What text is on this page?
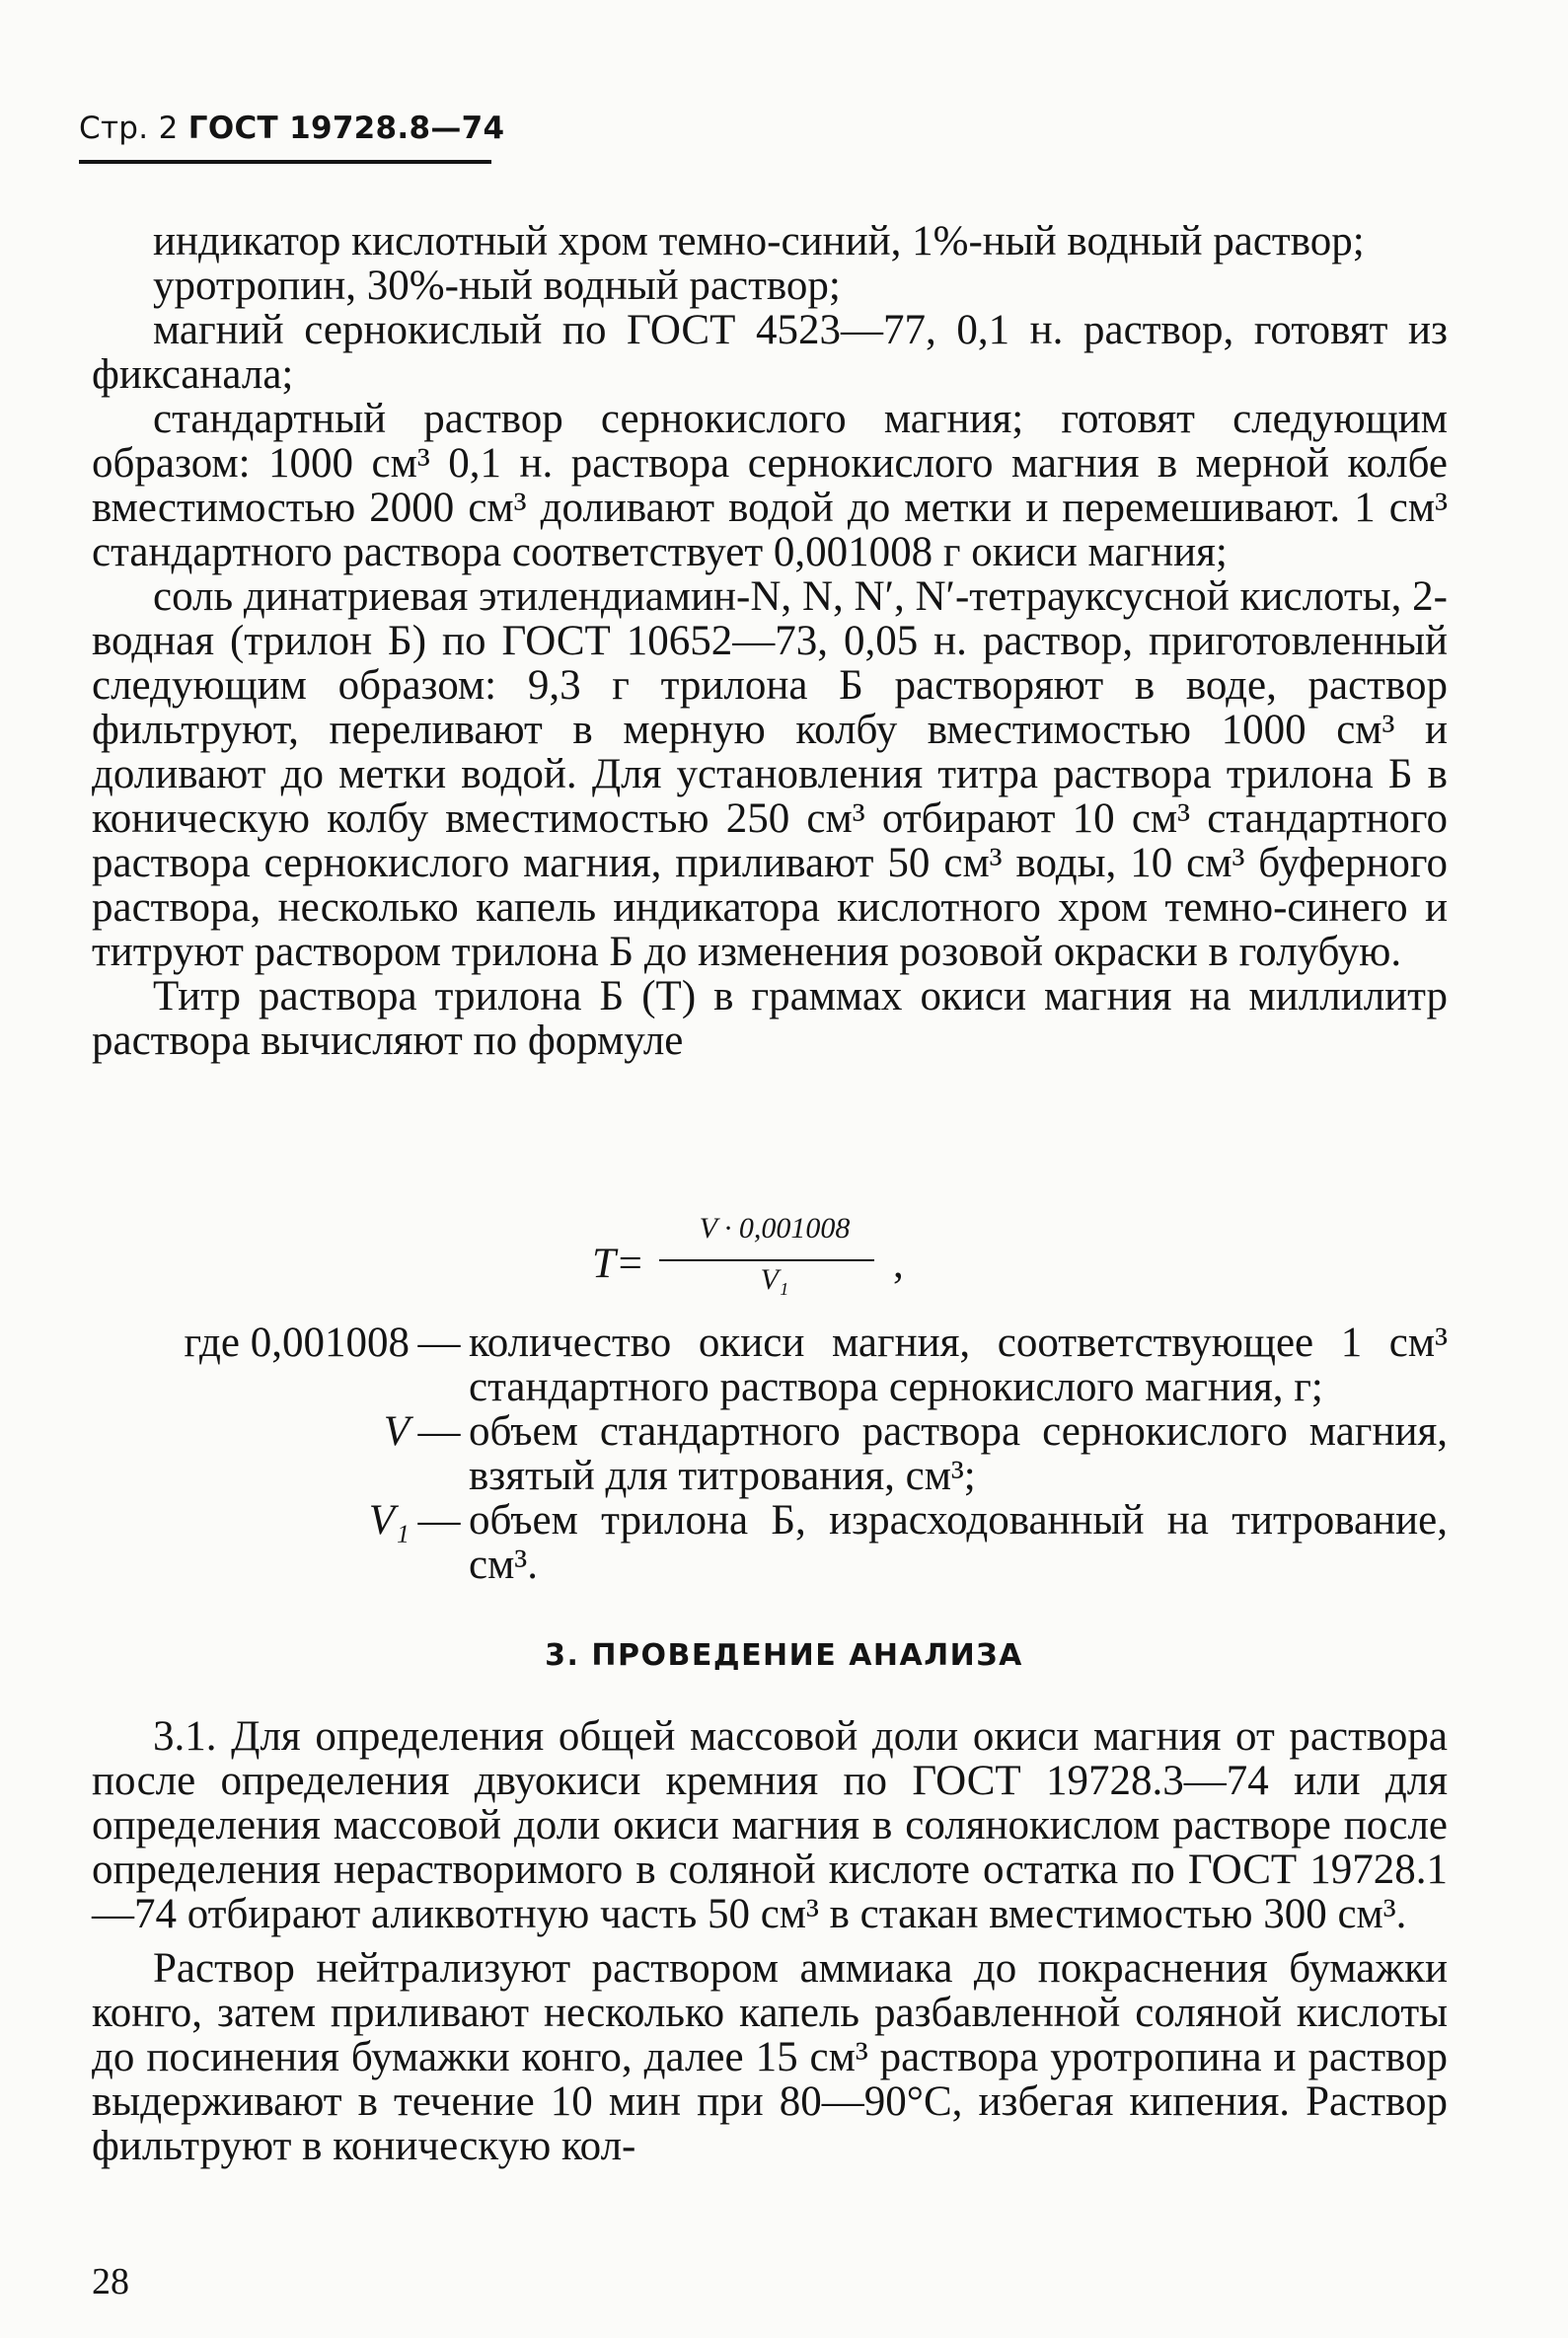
Стр. 2 ГОСТ 19728.8—74

индикатор кислотный хром темно-синий, 1%-ный водный раствор;

уротропин, 30%-ный водный раствор;

магний сернокислый по ГОСТ 4523—77, 0,1 н. раствор, готовят из фиксанала;

стандартный раствор сернокислого магния; готовят следующим образом: 1000 см³ 0,1 н. раствора сернокислого магния в мерной колбе вместимостью 2000 см³ доливают водой до метки и перемешивают. 1 см³ стандартного раствора соответствует 0,001008 г окиси магния;

соль динатриевая этилендиамин-N, N, N′, N′-тетрауксусной кислоты, 2-водная (трилон Б) по ГОСТ 10652—73, 0,05 н. раствор, приготовленный следующим образом: 9,3 г трилона Б растворяют в воде, раствор фильтруют, переливают в мерную колбу вместимостью 1000 см³ и доливают до метки водой. Для установления титра раствора трилона Б в коническую колбу вместимостью 250 см³ отбирают 10 см³ стандартного раствора сернокислого магния, приливают 50 см³ воды, 10 см³ буферного раствора, несколько капель индикатора кислотного хром темно-синего и титруют раствором трилона Б до изменения розовой окраски в голубую.

Титр раствора трилона Б (Т) в граммах окиси магния на миллилитр раствора вычисляют по формуле

T=
V · 0,001008
V₁	,
где 0,001008 — количество окиси магния, соответствующее 1 см³ стандартного раствора сернокислого магния, г;
V — объем стандартного раствора сернокислого магния, взятый для титрования, см³;
V₁ — объем трилона Б, израсходованный на титрование, см³.
3. ПРОВЕДЕНИЕ АНАЛИЗА

3.1. Для определения общей массовой доли окиси магния от раствора после определения двуокиси кремния по ГОСТ 19728.3—74 или для определения массовой доли окиси магния в солянокислом растворе после определения нерастворимого в соляной кислоте остатка по ГОСТ 19728.1—74 отбирают аликвотную часть 50 см³ в стакан вместимостью 300 см³.

Раствор нейтрализуют раствором аммиака до покраснения бумажки конго, затем приливают несколько капель разбавленной соляной кислоты до посинения бумажки конго, далее 15 см³ раствора уротропина и раствор выдерживают в течение 10 мин при 80—90°С, избегая кипения. Раствор фильтруют в коническую кол-

28
